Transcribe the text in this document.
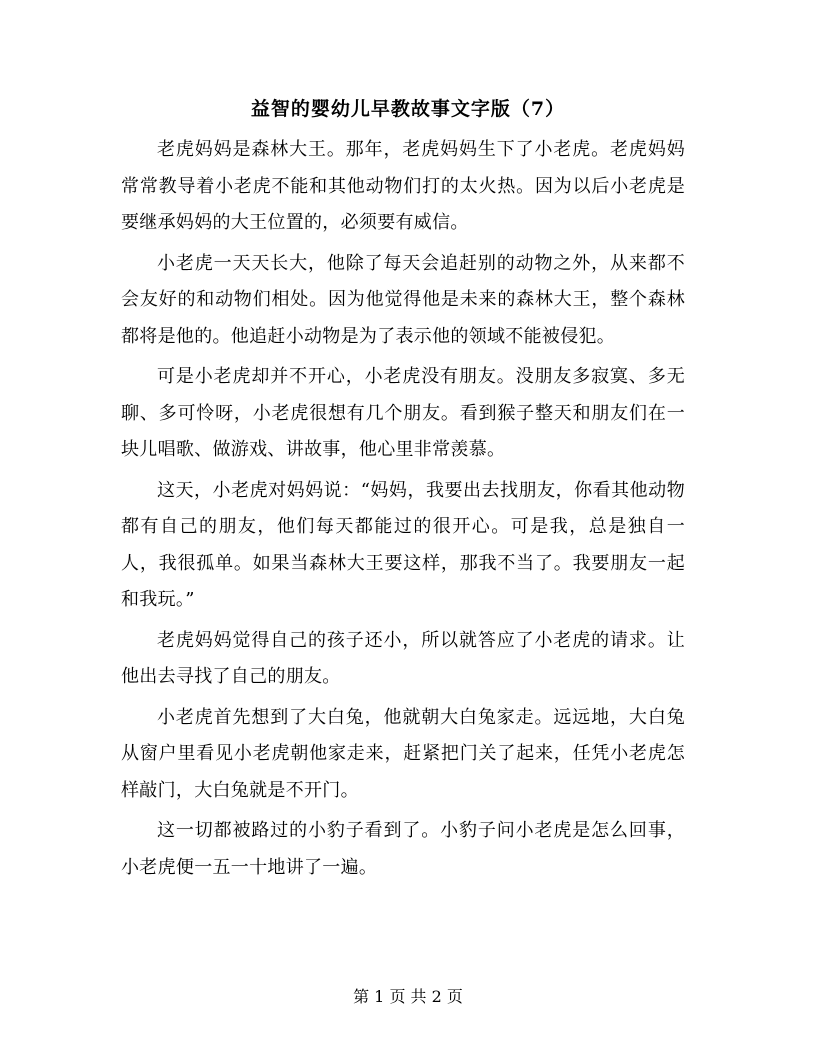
益智的婴幼儿早教故事文字版（7）

老虎妈妈是森林大王。那年，老虎妈妈生下了小老虎。老虎妈妈常常教导着小老虎不能和其他动物们打的太火热。因为以后小老虎是要继承妈妈的大王位置的，必须要有威信。

小老虎一天天长大，他除了每天会追赶别的动物之外，从来都不会友好的和动物们相处。因为他觉得他是未来的森林大王，整个森林都将是他的。他追赶小动物是为了表示他的领域不能被侵犯。

可是小老虎却并不开心，小老虎没有朋友。没朋友多寂寞、多无聊、多可怜呀，小老虎很想有几个朋友。看到猴子整天和朋友们在一块儿唱歌、做游戏、讲故事，他心里非常羡慕。

这天，小老虎对妈妈说：“妈妈，我要出去找朋友，你看其他动物都有自己的朋友，他们每天都能过的很开心。可是我，总是独自一人，我很孤单。如果当森林大王要这样，那我不当了。我要朋友一起和我玩。”

老虎妈妈觉得自己的孩子还小，所以就答应了小老虎的请求。让他出去寻找了自己的朋友。

小老虎首先想到了大白兔，他就朝大白兔家走。远远地，大白兔从窗户里看见小老虎朝他家走来，赶紧把门关了起来，任凭小老虎怎样敲门，大白兔就是不开门。

这一切都被路过的小豹子看到了。小豹子问小老虎是怎么回事，小老虎便一五一十地讲了一遍。

第 1 页 共 2 页
